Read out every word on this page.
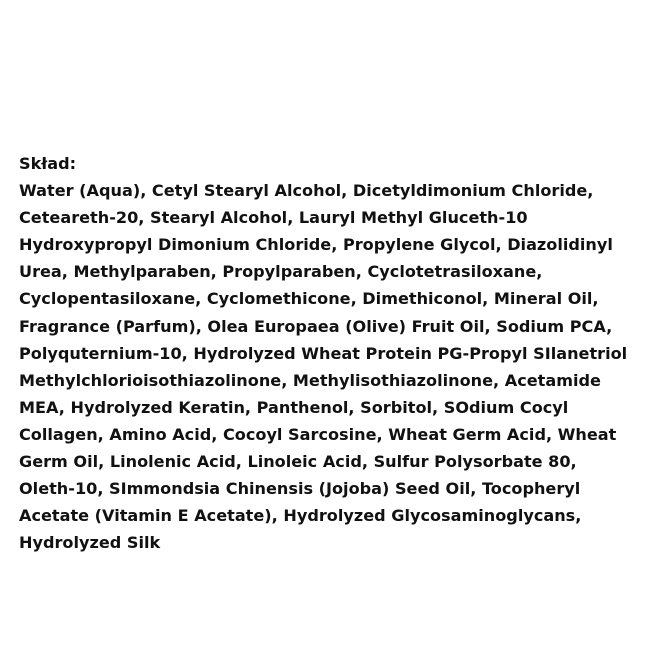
Skład:
Water (Aqua), Cetyl Stearyl Alcohol, Dicetyldimonium Chloride,
Ceteareth-20, Stearyl Alcohol, Lauryl Methyl Gluceth-10
Hydroxypropyl Dimonium Chloride, Propylene Glycol, Diazolidinyl
Urea, Methylparaben, Propylparaben, Cyclotetrasiloxane,
Cyclopentasiloxane, Cyclomethicone, Dimethiconol, Mineral Oil,
Fragrance (Parfum), Olea Europaea (Olive) Fruit Oil, Sodium PCA,
Polyquternium-10, Hydrolyzed Wheat Protein PG-Propyl SIlanetriol
Methylchlorioisothiazolinone, Methylisothiazolinone, Acetamide
MEA, Hydrolyzed Keratin, Panthenol, Sorbitol, SOdium Cocyl
Collagen, Amino Acid, Cocoyl Sarcosine, Wheat Germ Acid, Wheat
Germ Oil, Linolenic Acid, Linoleic Acid, Sulfur Polysorbate 80,
Oleth-10, SImmondsia Chinensis (Jojoba) Seed Oil, Tocopheryl
Acetate (Vitamin E Acetate), Hydrolyzed Glycosaminoglycans,
Hydrolyzed Silk
